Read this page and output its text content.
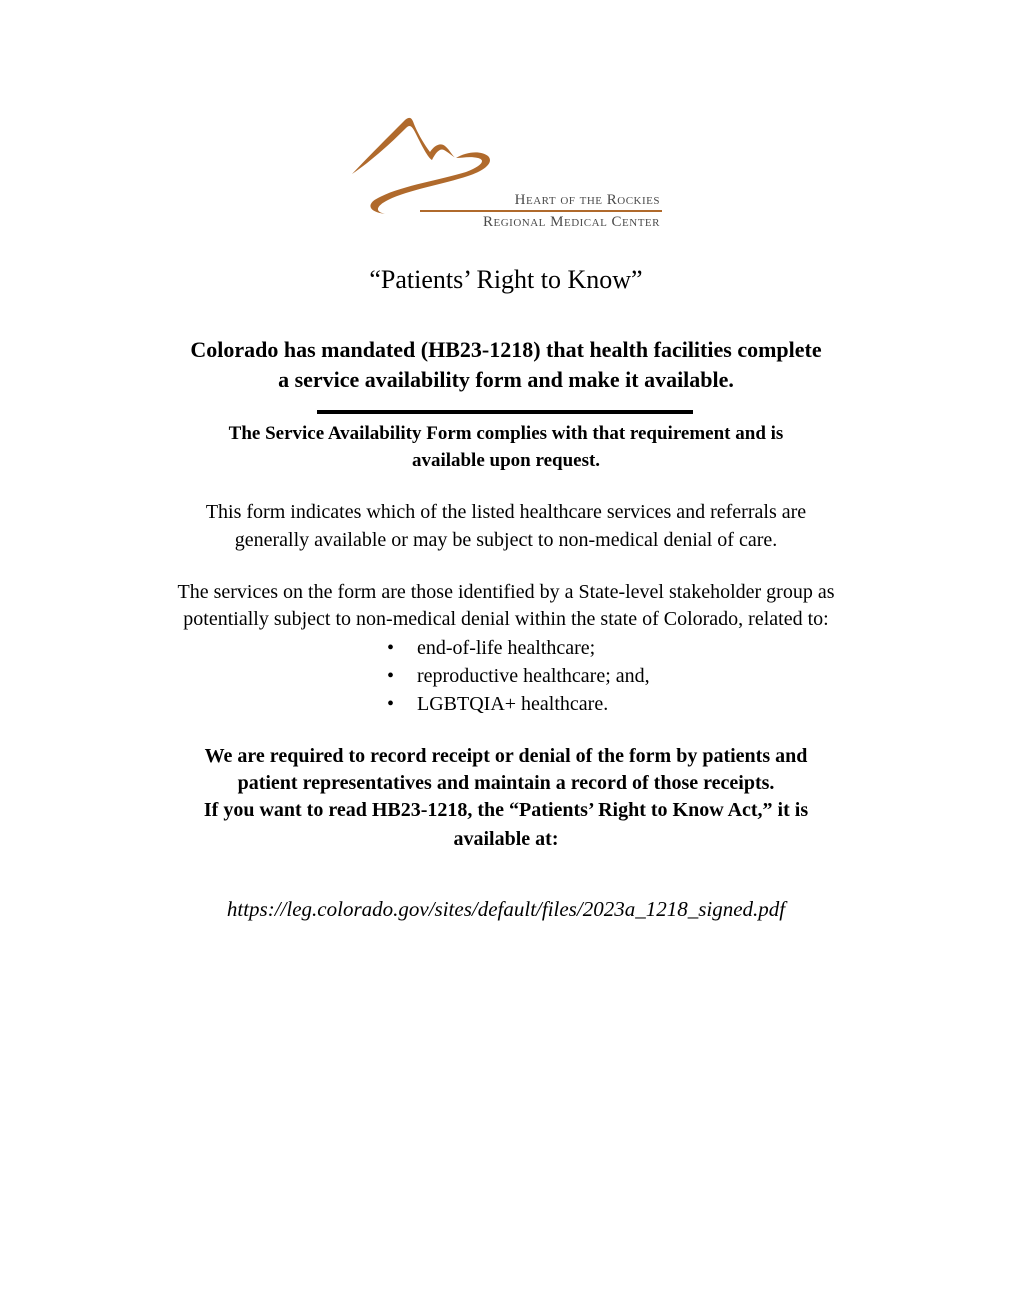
Heart of the Rockies
Regional Medical Center
“Patients’ Right to Know”
Colorado has mandated (HB23-1218) that health facilities complete
a service availability form and make it available.
The Service Availability Form complies with that requirement and is
available upon request.
This form indicates which of the listed healthcare services and referrals are
generally available or may be subject to non-medical denial of care.
The services on the form are those identified by a State-level stakeholder group as
potentially subject to non-medical denial within the state of Colorado, related to:
• end-of-life healthcare;
• reproductive healthcare; and,
• LGBTQIA+ healthcare.
We are required to record receipt or denial of the form by patients and
patient representatives and maintain a record of those receipts.
If you want to read HB23-1218, the “Patients’ Right to Know Act,” it is
available at:
https://leg.colorado.gov/sites/default/files/2023a_1218_signed.pdf
